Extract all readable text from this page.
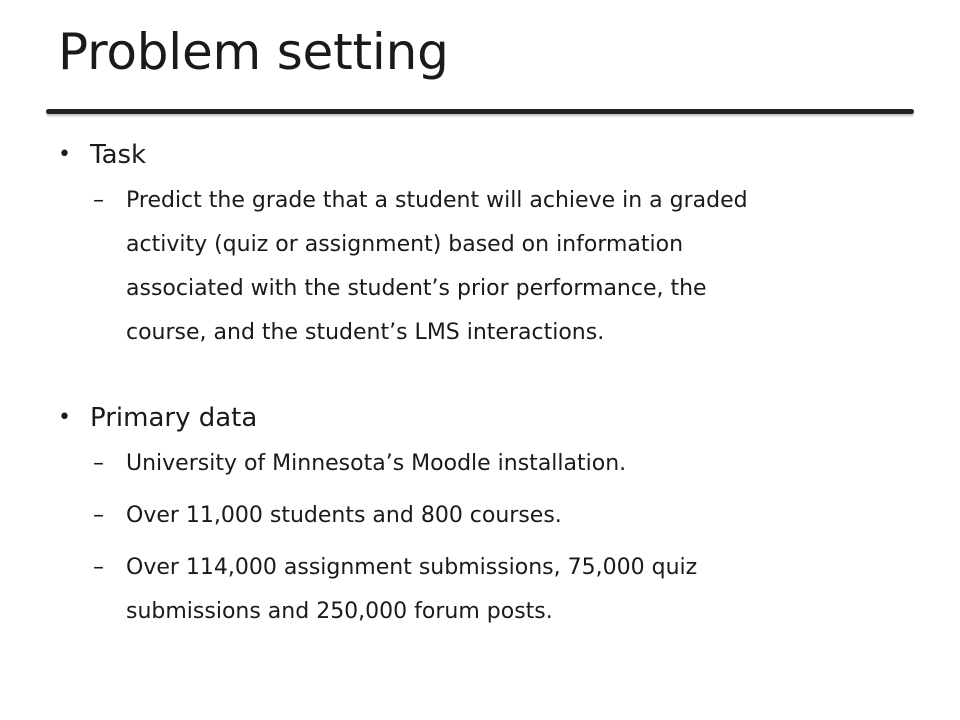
Problem setting
• Task
– Predict the grade that a student will achieve in a graded
activity (quiz or assignment) based on information
associated with the student’s prior performance, the
course, and the student’s LMS interactions.
• Primary data
– University of Minnesota’s Moodle installation.
– Over 11,000 students and 800 courses.
– Over 114,000 assignment submissions, 75,000 quiz
submissions and 250,000 forum posts.
